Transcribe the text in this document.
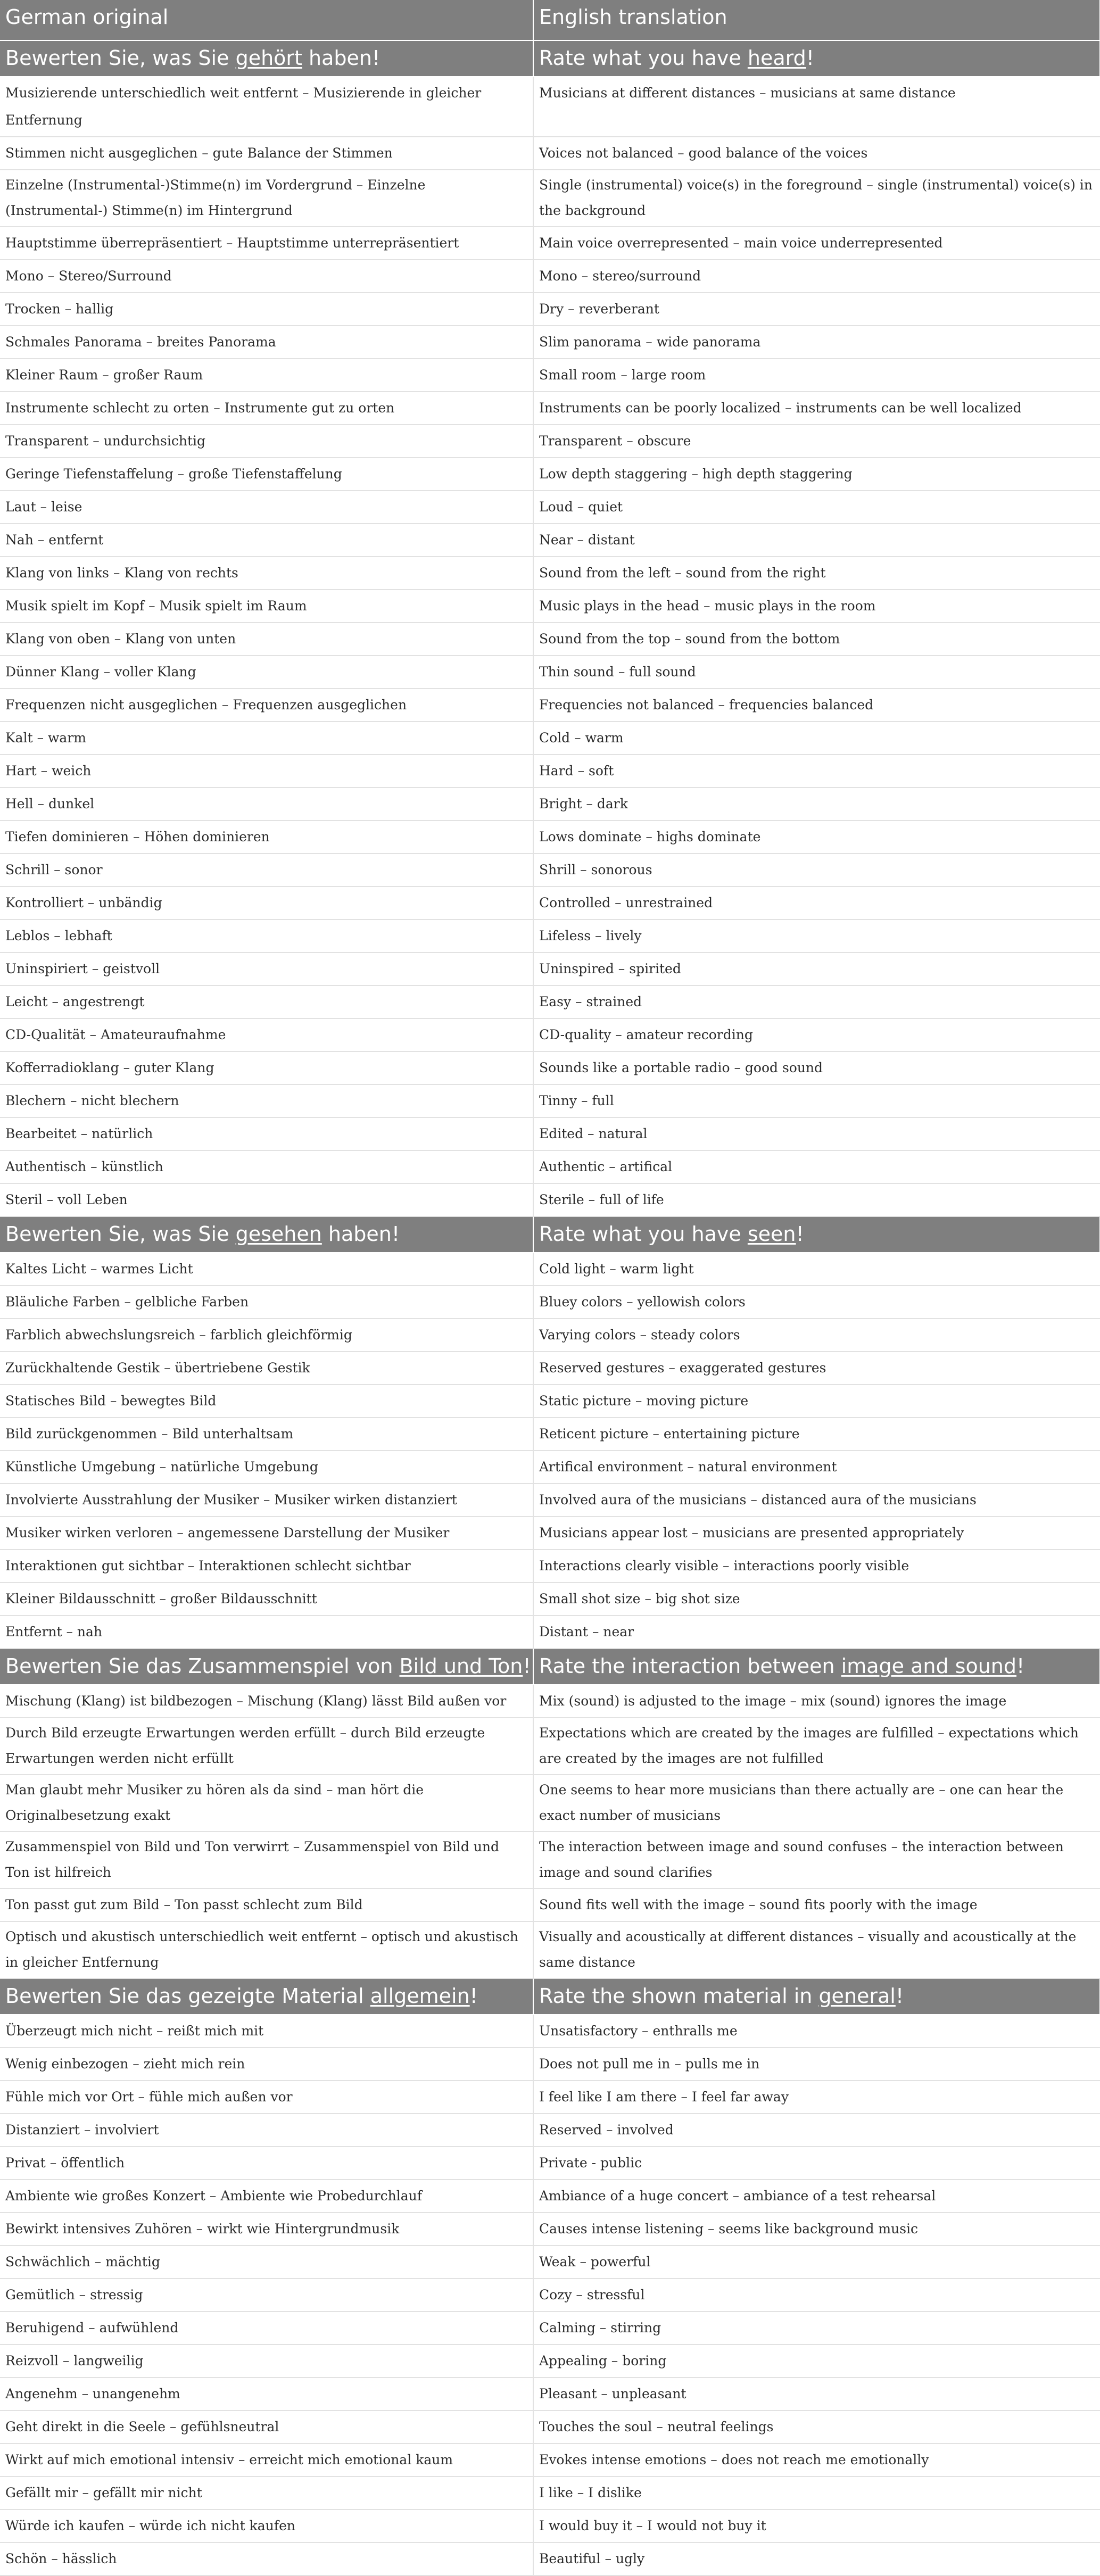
German original	English translation
Bewerten Sie, was Sie gehört haben!	Rate what you have heard!
Musizierende unterschiedlich weit entfernt – Musizierende in gleicher Entfernung	Musicians at different distances – musicians at same distance
Stimmen nicht ausgeglichen – gute Balance der Stimmen	Voices not balanced – good balance of the voices
Einzelne (Instrumental-)Stimme(n) im Vordergrund – Einzelne (Instrumental-) Stimme(n) im Hintergrund	Single (instrumental) voice(s) in the foreground – single (instrumental) voice(s) in the background
Hauptstimme überrepräsentiert – Hauptstimme unterrepräsentiert	Main voice overrepresented – main voice underrepresented
Mono – Stereo/Surround	Mono – stereo/surround
Trocken – hallig	Dry – reverberant
Schmales Panorama – breites Panorama	Slim panorama – wide panorama
Kleiner Raum – großer Raum	Small room – large room
Instrumente schlecht zu orten – Instrumente gut zu orten	Instruments can be poorly localized – instruments can be well localized
Transparent – undurchsichtig	Transparent – obscure
Geringe Tiefenstaffelung – große Tiefenstaffelung	Low depth staggering – high depth staggering
Laut – leise	Loud – quiet
Nah – entfernt	Near – distant
Klang von links – Klang von rechts	Sound from the left – sound from the right
Musik spielt im Kopf – Musik spielt im Raum	Music plays in the head – music plays in the room
Klang von oben – Klang von unten	Sound from the top – sound from the bottom
Dünner Klang – voller Klang	Thin sound – full sound
Frequenzen nicht ausgeglichen – Frequenzen ausgeglichen	Frequencies not balanced – frequencies balanced
Kalt – warm	Cold – warm
Hart – weich	Hard – soft
Hell – dunkel	Bright – dark
Tiefen dominieren – Höhen dominieren	Lows dominate – highs dominate
Schrill – sonor	Shrill – sonorous
Kontrolliert – unbändig	Controlled – unrestrained
Leblos – lebhaft	Lifeless – lively
Uninspiriert – geistvoll	Uninspired – spirited
Leicht – angestrengt	Easy – strained
CD-Qualität – Amateuraufnahme	CD-quality – amateur recording
Kofferradioklang – guter Klang	Sounds like a portable radio – good sound
Blechern – nicht blechern	Tinny – full
Bearbeitet – natürlich	Edited – natural
Authentisch – künstlich	Authentic – artifical
Steril – voll Leben	Sterile – full of life
Bewerten Sie, was Sie gesehen haben!	Rate what you have seen!
Kaltes Licht – warmes Licht	Cold light – warm light
Bläuliche Farben – gelbliche Farben	Bluey colors – yellowish colors
Farblich abwechslungsreich – farblich gleichförmig	Varying colors – steady colors
Zurückhaltende Gestik – übertriebene Gestik	Reserved gestures – exaggerated gestures
Statisches Bild – bewegtes Bild	Static picture – moving picture
Bild zurückgenommen – Bild unterhaltsam	Reticent picture – entertaining picture
Künstliche Umgebung – natürliche Umgebung	Artifical environment – natural environment
Involvierte Ausstrahlung der Musiker – Musiker wirken distanziert	Involved aura of the musicians – distanced aura of the musicians
Musiker wirken verloren – angemessene Darstellung der Musiker	Musicians appear lost – musicians are presented appropriately
Interaktionen gut sichtbar – Interaktionen schlecht sichtbar	Interactions clearly visible – interactions poorly visible
Kleiner Bildausschnitt – großer Bildausschnitt	Small shot size – big shot size
Entfernt – nah	Distant – near
Bewerten Sie das Zusammenspiel von Bild und Ton!	Rate the interaction between image and sound!
Mischung (Klang) ist bildbezogen – Mischung (Klang) lässt Bild außen vor	Mix (sound) is adjusted to the image – mix (sound) ignores the image
Durch Bild erzeugte Erwartungen werden erfüllt – durch Bild erzeugte Erwartungen werden nicht erfüllt	Expectations which are created by the images are fulfilled – expectations which are created by the images are not fulfilled
Man glaubt mehr Musiker zu hören als da sind – man hört die Originalbesetzung exakt	One seems to hear more musicians than there actually are – one can hear the exact number of musicians
Zusammenspiel von Bild und Ton verwirrt – Zusammenspiel von Bild und Ton ist hilfreich	The interaction between image and sound confuses – the interaction between image and sound clarifies
Ton passt gut zum Bild – Ton passt schlecht zum Bild	Sound fits well with the image – sound fits poorly with the image
Optisch und akustisch unterschiedlich weit entfernt – optisch und akustisch in gleicher Entfernung	Visually and acoustically at different distances – visually and acoustically at the same distance
Bewerten Sie das gezeigte Material allgemein!	Rate the shown material in general!
Überzeugt mich nicht – reißt mich mit	Unsatisfactory – enthralls me
Wenig einbezogen – zieht mich rein	Does not pull me in – pulls me in
Fühle mich vor Ort – fühle mich außen vor	I feel like I am there – I feel far away
Distanziert – involviert	Reserved – involved
Privat – öffentlich	Private - public
Ambiente wie großes Konzert – Ambiente wie Probedurchlauf	Ambiance of a huge concert – ambiance of a test rehearsal
Bewirkt intensives Zuhören – wirkt wie Hintergrundmusik	Causes intense listening – seems like background music
Schwächlich – mächtig	Weak – powerful
Gemütlich – stressig	Cozy – stressful
Beruhigend – aufwühlend	Calming – stirring
Reizvoll – langweilig	Appealing – boring
Angenehm – unangenehm	Pleasant – unpleasant
Geht direkt in die Seele – gefühlsneutral	Touches the soul – neutral feelings
Wirkt auf mich emotional intensiv – erreicht mich emotional kaum	Evokes intense emotions – does not reach me emotionally
Gefällt mir – gefällt mir nicht	I like – I dislike
Würde ich kaufen – würde ich nicht kaufen	I would buy it – I would not buy it
Schön – hässlich	Beautiful – ugly
